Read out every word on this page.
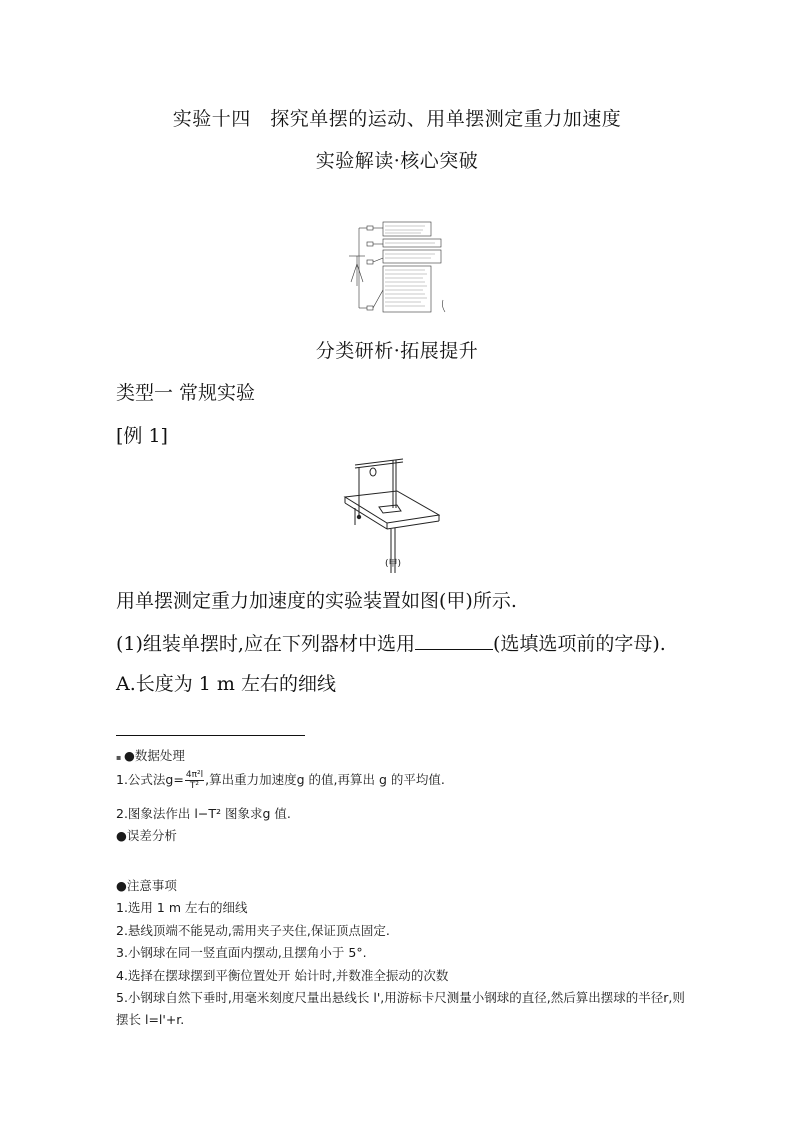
实验十四　探究单摆的运动、用单摆测定重力加速度
实验解读·核心突破
分类研析·拓展提升
类型一 常规实验
[例 1]
(甲)
用单摆测定重力加速度的实验装置如图(甲)所示.
(1)组装单摆时,应在下列器材中选用	(选填选项前的字母).
A.长度为 1 m 左右的细线
▪ ●数据处理
1.公式法$g= \frac{\text{4π²l}}{\text{T²}}$ ,算出重力加速度g 的值,再算出 g 的平均值.
2.图象法作出 l−T² 图象求g 值.
●误差分析
●注意事项
1.选用 1 m 左右的细线
2.悬线顶端不能晃动,需用夹子夹住,保证顶点固定.
3.小钢球在同一竖直面内摆动,且摆角小于 5°.
4.选择在摆球摆到平衡位置处开 始计时,并数准全振动的次数
5.小钢球自然下垂时,用毫米刻度尺量出悬线长 l',用游标卡尺测量小钢球的直径,然后算出摆球的半径r,则
摆长 l=l'+r.
